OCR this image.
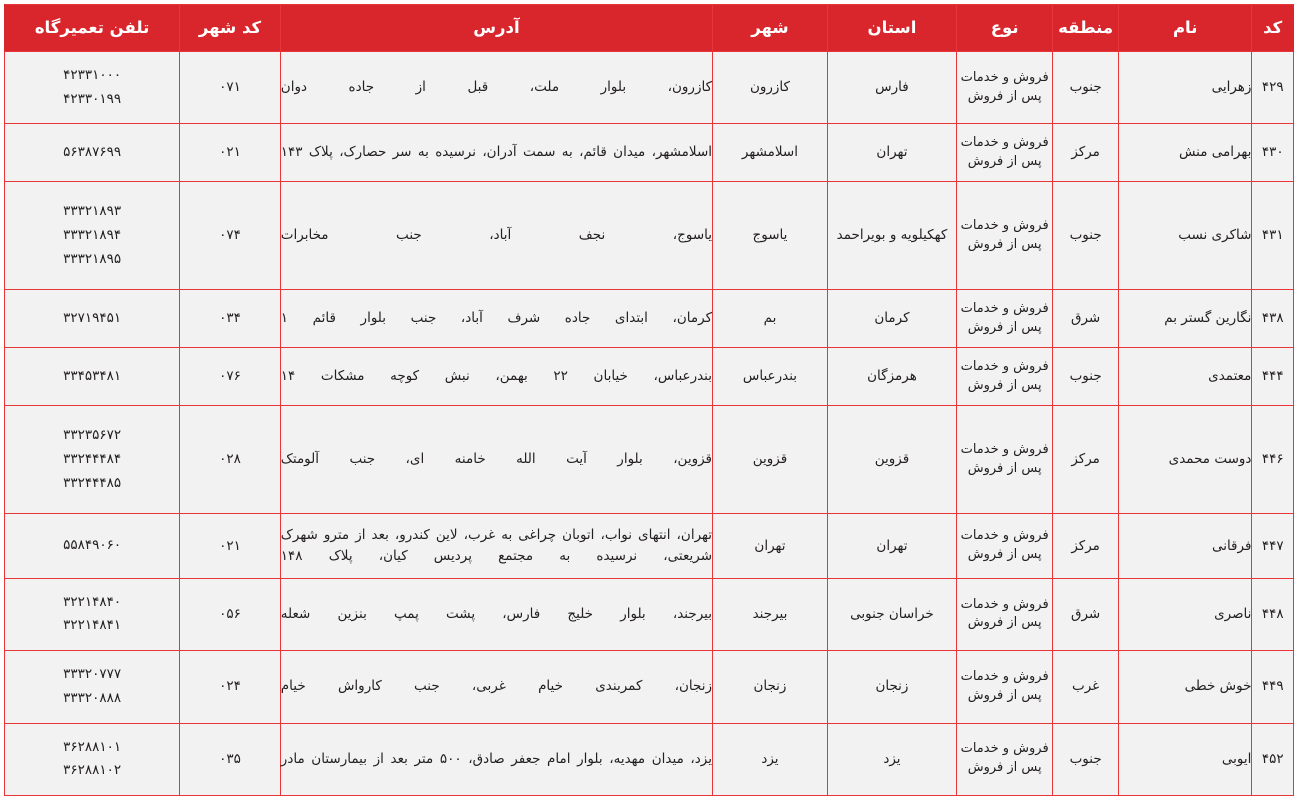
کد	نام	منطقه	نوع	استان	شهر	آدرس	کد شهر	تلفن تعمیرگاه
۴۲۹	زهرایی	جنوب	فروش و خدمات پس از فروش	فارس	کازرون	کازرون، بلوار ملت، قبل از جاده دوان	۰۷۱	۴۲۳۳۱۰۰۰
۴۲۳۳۰۱۹۹

۴۳۰	بهرامی منش	مرکز	فروش و خدمات پس از فروش	تهران	اسلامشهر	اسلامشهر، میدان قائم، به سمت آدران، نرسیده به سر حصارک، پلاک ۱۴۳	۰۲۱	۵۶۳۸۷۶۹۹

۴۳۱	شاکری نسب	جنوب	فروش و خدمات پس از فروش	کهکیلویه و بویراحمد	یاسوج	یاسوج، نجف آباد، جنب مخابرات	۰۷۴	۳۳۳۲۱۸۹۳
۳۳۳۲۱۸۹۴
۳۳۳۲۱۸۹۵

۴۳۸	نگارین گستر بم	شرق	فروش و خدمات پس از فروش	کرمان	بم	کرمان، ابتدای جاده شرف آباد، جنب بلوار قائم ۱	۰۳۴	۳۲۷۱۹۴۵۱

۴۴۴	معتمدی	جنوب	فروش و خدمات پس از فروش	هرمزگان	بندرعباس	بندرعباس، خیابان ۲۲ بهمن، نبش کوچه مشکات ۱۴	۰۷۶	۳۳۴۵۳۴۸۱

۴۴۶	دوست محمدی	مرکز	فروش و خدمات پس از فروش	قزوین	قزوین	قزوین، بلوار آیت الله خامنه ای، جنب آلومتک	۰۲۸	۳۳۲۳۵۶۷۲
۳۳۲۴۴۴۸۴
۳۳۲۴۴۴۸۵

۴۴۷	فرقانی	مرکز	فروش و خدمات پس از فروش	تهران	تهران	تهران، انتهای نواب، اتوبان چراغی به غرب، لاین کندرو، بعد از مترو شهرک شریعتی، نرسیده به مجتمع پردیس کیان، پلاک ۱۴۸	۰۲۱	۵۵۸۴۹۰۶۰

۴۴۸	ناصری	شرق	فروش و خدمات پس از فروش	خراسان جنوبی	بیرجند	بیرجند، بلوار خلیج فارس، پشت پمپ بنزین شعله	۰۵۶	۳۲۲۱۴۸۴۰
۳۲۲۱۴۸۴۱

۴۴۹	خوش خطی	غرب	فروش و خدمات پس از فروش	زنجان	زنجان	زنجان، کمربندی خیام غربی، جنب کارواش خیام	۰۲۴	۳۳۳۲۰۷۷۷
۳۳۳۲۰۸۸۸

۴۵۲	ایوبی	جنوب	فروش و خدمات پس از فروش	یزد	یزد	یزد، میدان مهدیه، بلوار امام جعفر صادق، ۵۰۰ متر بعد از بیمارستان مادر	۰۳۵	۳۶۲۸۸۱۰۱
۳۶۲۸۸۱۰۲
